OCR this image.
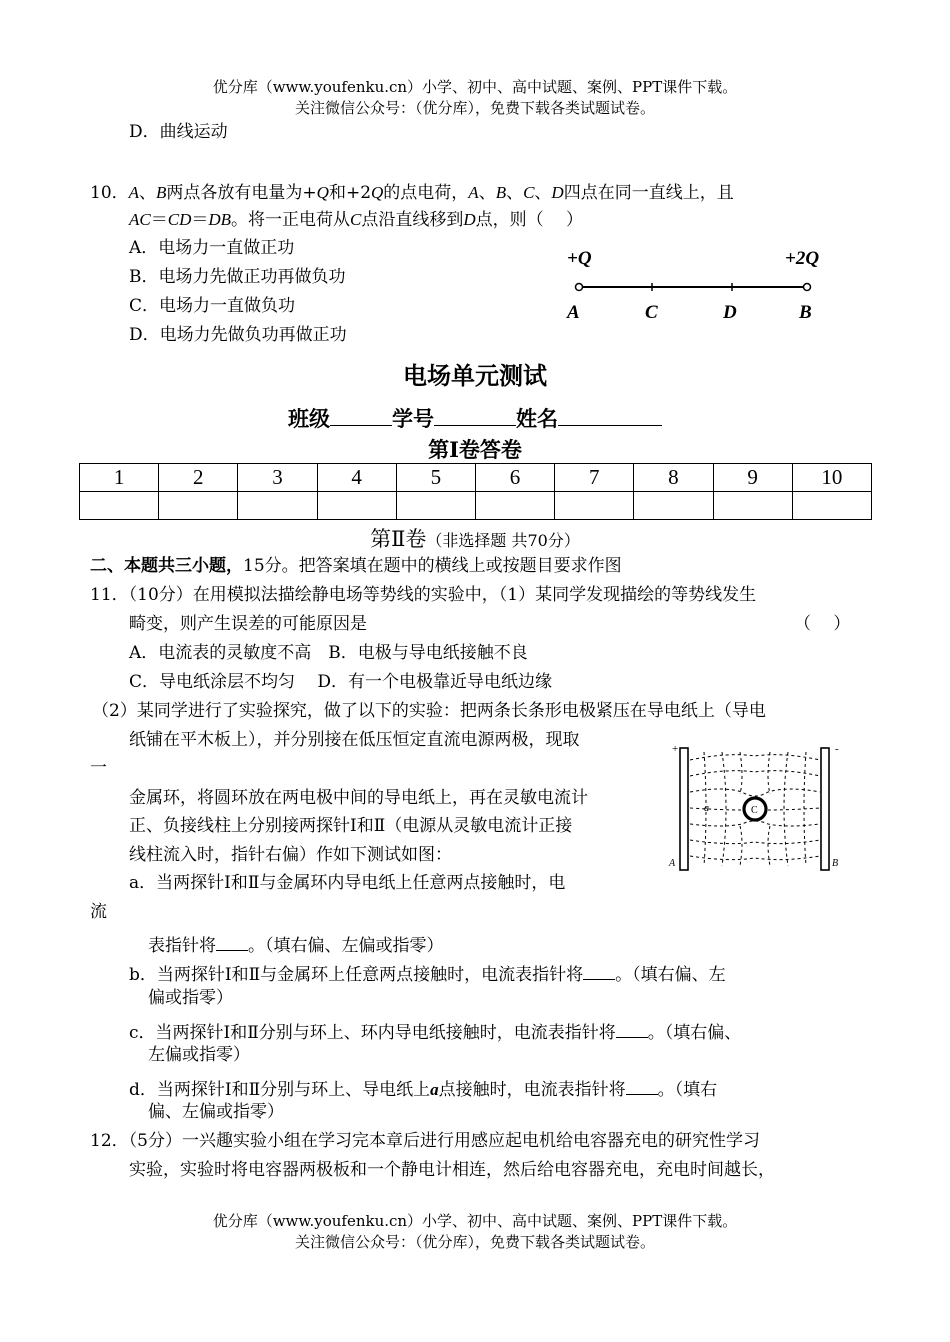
优分库（www.youfenku.cn）小学、初中、高中试题、案例、PPT课件下载。
关注微信公众号：（优分库），免费下载各类试题试卷。
D．曲线运动
10．A、B两点各放有电量为+Q和+2Q的点电荷，A、B、C、D四点在同一直线上，且
AC＝CD＝DB。将一正电荷从C点沿直线移到D点，则（　 ）
A．电场力一直做正功
B．电场力先做正功再做负功
C．电场力一直做负功
D．电场力先做负功再做正功
+Q	+2Q
A	C	D	B
电场单元测试
班级	学号	姓名
第Ⅰ卷答卷
1	2	3	4	5	6	7	8	9	10

第Ⅱ卷（非选择题 共70分）
二、本题共三小题，15分。把答案填在题中的横线上或按题目要求作图
11．（10分）在用模拟法描绘静电场等势线的实验中，（1）某同学发现描绘的等势线发生
畸变，则产生误差的可能原因是	（　 ）
A．电流表的灵敏度不高　B．电极与导电纸接触不良
C．导电纸涂层不均匀　 D．有一个电极靠近导电纸边缘
（2）某同学进行了实验探究，做了以下的实验：把两条长条形电极紧压在导电纸上（导电
纸铺在平木板上），并分别接在低压恒定直流电源两极，现取
一
金属环，将圆环放在两电极中间的导电纸上，再在灵敏电流计
正、负接线柱上分别接两探针Ⅰ和Ⅱ（电源从灵敏电流计正接
线柱流入时，指针右偏）作如下测试如图：
a．当两探针Ⅰ和Ⅱ与金属环内导电纸上任意两点接触时，电
流
表指针将 。（填右偏、左偏或指零）
b．当两探针Ⅰ和Ⅱ与金属环上任意两点接触时，电流表指针将 。（填右偏、左
偏或指零）
c．当两探针Ⅰ和Ⅱ分别与环上、环内导电纸接触时，电流表指针将 。（填右偏、
左偏或指零）
d．当两探针Ⅰ和Ⅱ分别与环上、导电纸上a点接触时，电流表指针将 。（填右
偏、左偏或指零）
+	-
C
a
A	B
12．（5分）一兴趣实验小组在学习完本章后进行用感应起电机给电容器充电的研究性学习
实验，实验时将电容器两极板和一个静电计相连，然后给电容器充电，充电时间越长，
优分库（www.youfenku.cn）小学、初中、高中试题、案例、PPT课件下载。
关注微信公众号：（优分库），免费下载各类试题试卷。
